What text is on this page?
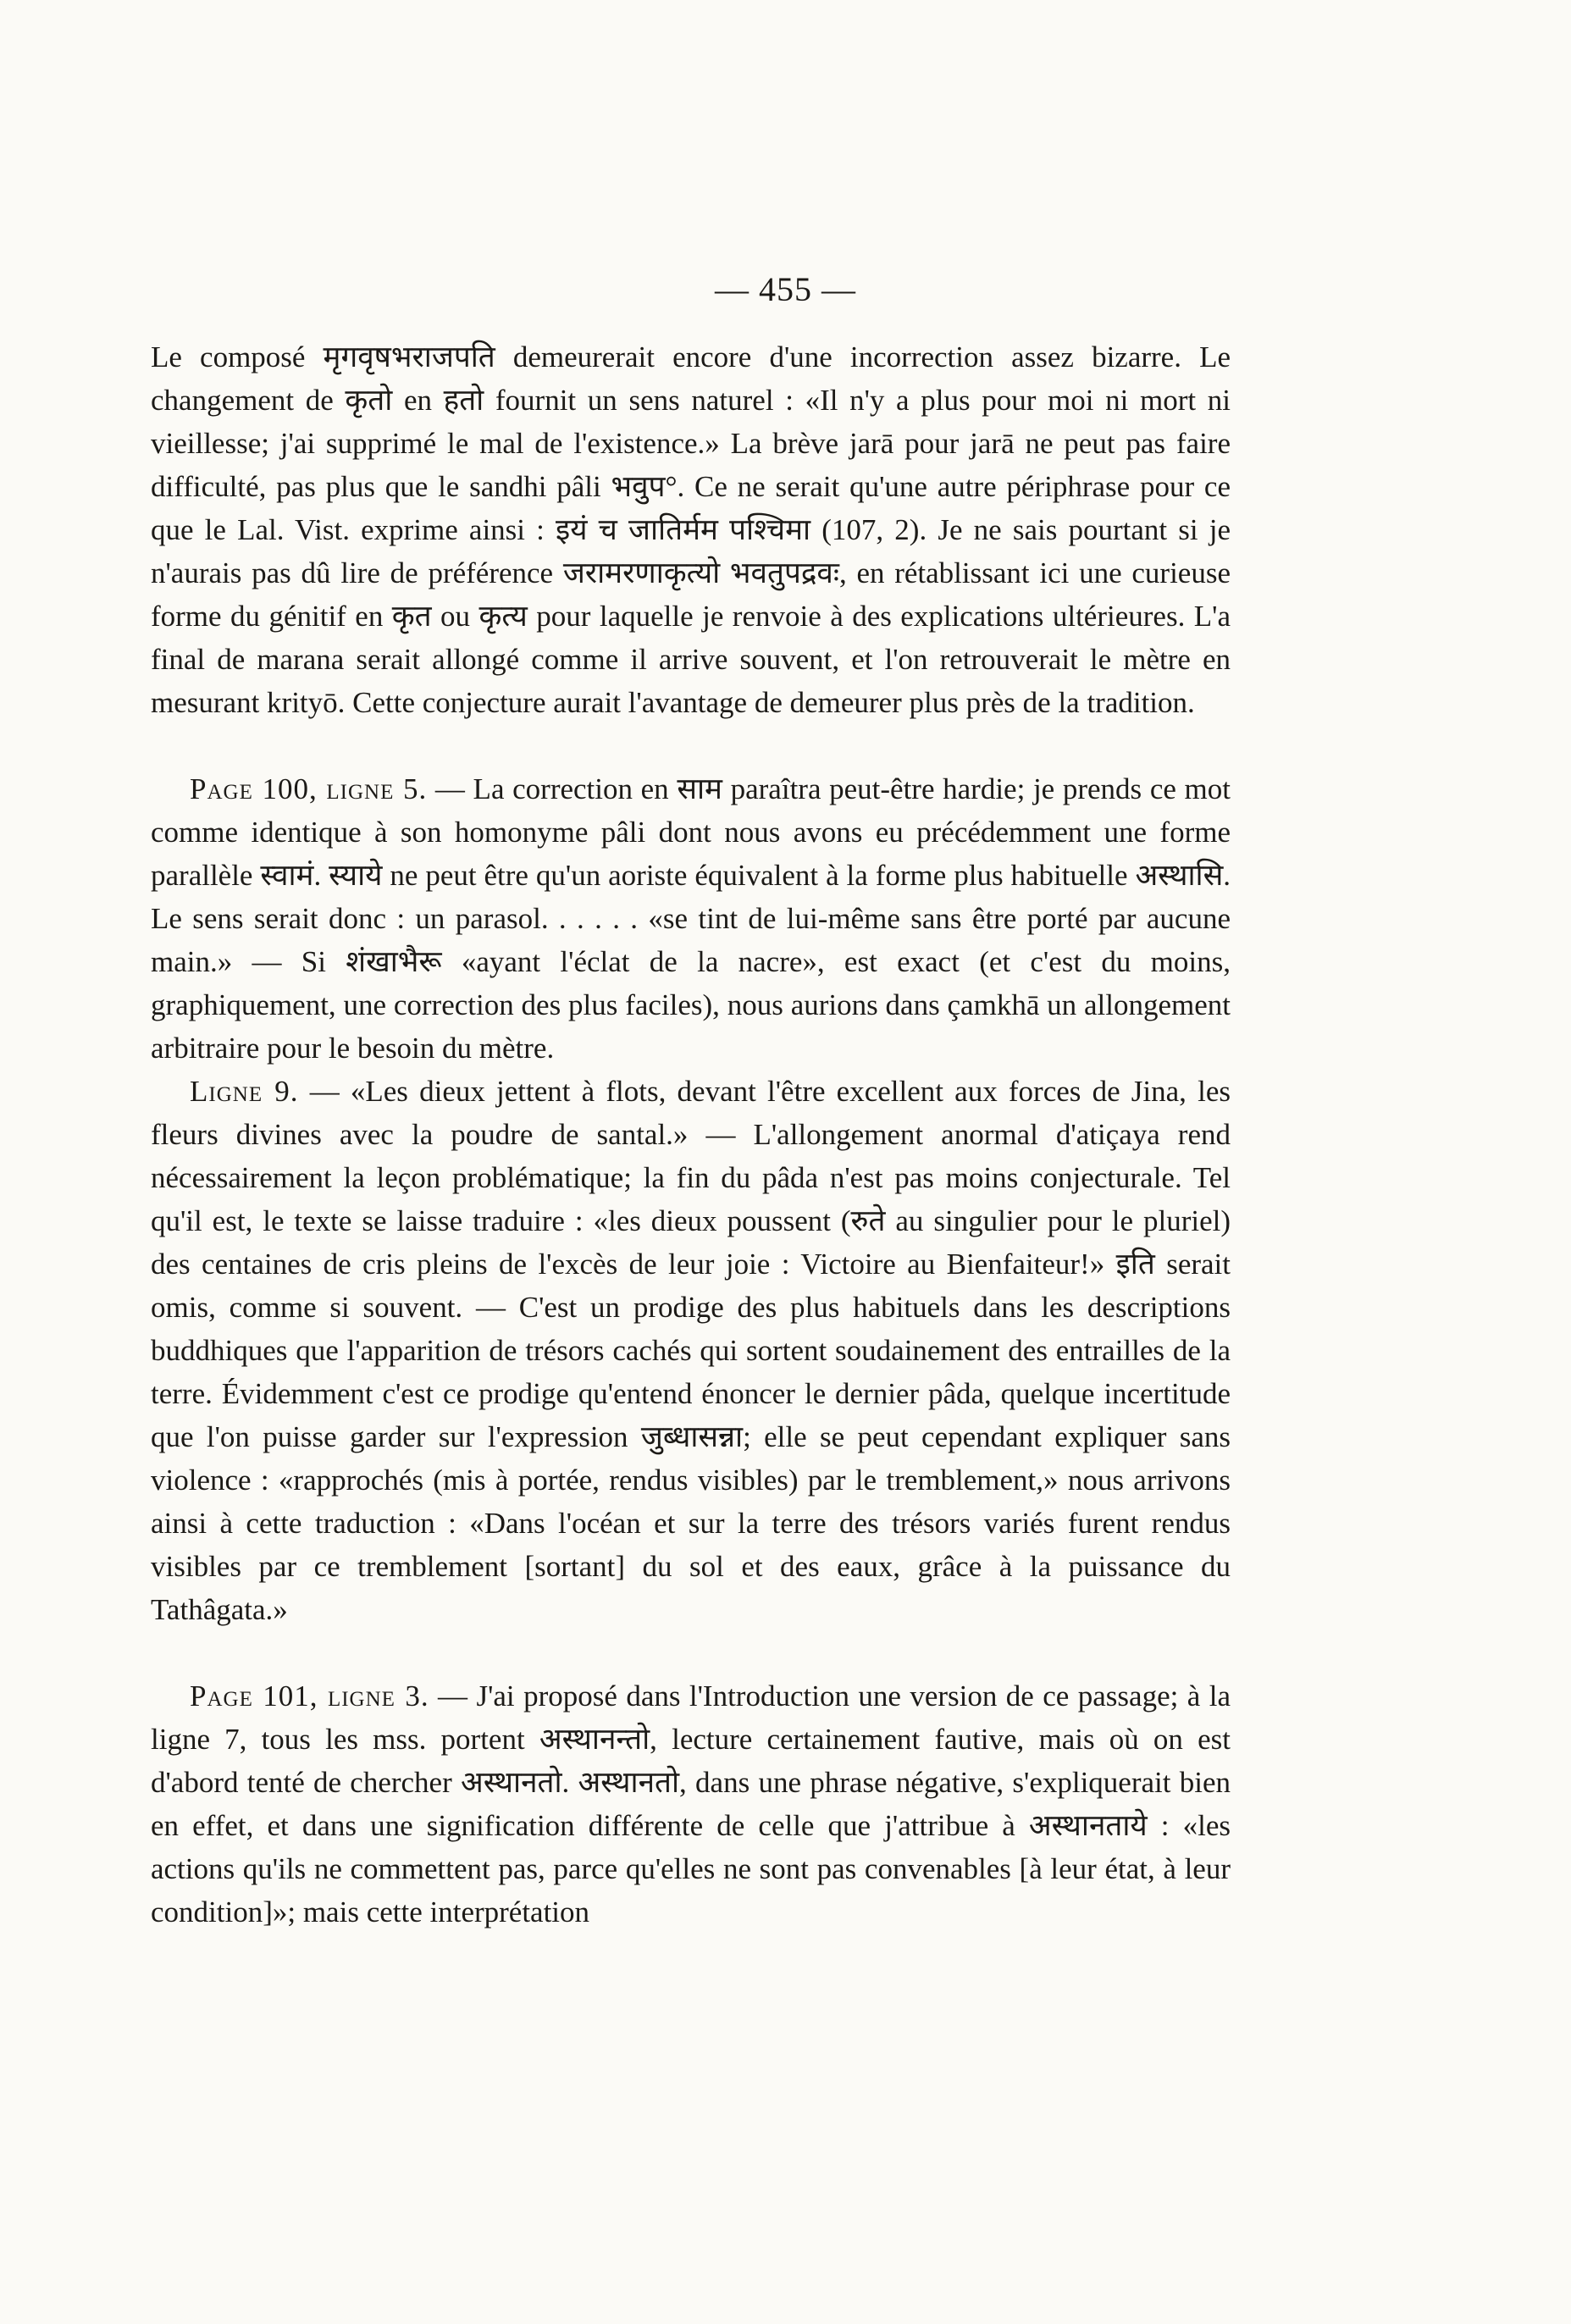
— 455 —

Le composé मृगवृषभराजपति demeurerait encore d'une incorrection assez bizarre. Le changement de कृतो en हतो fournit un sens naturel : «Il n'y a plus pour moi ni mort ni vieillesse; j'ai supprimé le mal de l'existence.» La brève jarā pour jarā ne peut pas faire difficulté, pas plus que le sandhi pâli भवुप°. Ce ne serait qu'une autre périphrase pour ce que le Lal. Vist. exprime ainsi : इयं च जातिर्मम पश्चिमा (107, 2). Je ne sais pourtant si je n'aurais pas dû lire de préférence जरामरणाकृत्यो भवतुपद्रवः, en rétablissant ici une curieuse forme du génitif en कृत ou कृत्य pour laquelle je renvoie à des explications ultérieures. L'a final de marana serait allongé comme il arrive souvent, et l'on retrouverait le mètre en mesurant krityō. Cette conjecture aurait l'avantage de demeurer plus près de la tradition.

Page 100, ligne 5. — La correction en साम paraîtra peut-être hardie; je prends ce mot comme identique à son homonyme pâli dont nous avons eu précédemment une forme parallèle स्वामं. स्याये ne peut être qu'un aoriste équivalent à la forme plus habituelle अस्थासि. Le sens serait donc : un parasol. . . . . . «se tint de lui-même sans être porté par aucune main.» — Si शंखाभैरू «ayant l'éclat de la nacre», est exact (et c'est du moins, graphiquement, une correction des plus faciles), nous aurions dans çamkhā un allongement arbitraire pour le besoin du mètre.

Ligne 9. — «Les dieux jettent à flots, devant l'être excellent aux forces de Jina, les fleurs divines avec la poudre de santal.» — L'allongement anormal d'atiçaya rend nécessairement la leçon problématique; la fin du pâda n'est pas moins conjecturale. Tel qu'il est, le texte se laisse traduire : «les dieux poussent (रुते au singulier pour le pluriel) des centaines de cris pleins de l'excès de leur joie : Victoire au Bienfaiteur!» इति serait omis, comme si souvent. — C'est un prodige des plus habituels dans les descriptions buddhiques que l'apparition de trésors cachés qui sortent soudainement des entrailles de la terre. Évidemment c'est ce prodige qu'entend énoncer le dernier pâda, quelque incertitude que l'on puisse garder sur l'expression जुब्धासन्ना; elle se peut cependant expliquer sans violence : «rapprochés (mis à portée, rendus visibles) par le tremblement,» nous arrivons ainsi à cette traduction : «Dans l'océan et sur la terre des trésors variés furent rendus visibles par ce tremblement [sortant] du sol et des eaux, grâce à la puissance du Tathâgata.»

Page 101, ligne 3. — J'ai proposé dans l'Introduction une version de ce passage; à la ligne 7, tous les mss. portent अस्थानन्तो, lecture certainement fautive, mais où on est d'abord tenté de chercher अस्थानतो. अस्थानतो, dans une phrase négative, s'expliquerait bien en effet, et dans une signification différente de celle que j'attribue à अस्थानताये : «les actions qu'ils ne commettent pas, parce qu'elles ne sont pas convenables [à leur état, à leur condition]»; mais cette interprétation
